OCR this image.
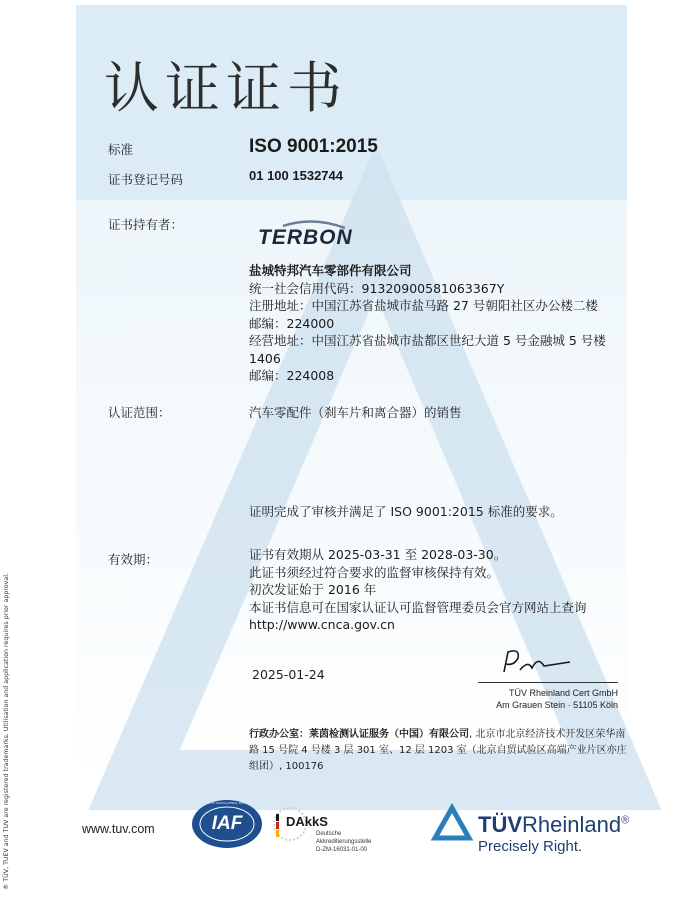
® TÜV, TUEV and TUV are registered trademarks. Utilisation and application requires prior approval.
认证证书
标准	ISO 9001:2015
证书登记号码	01 100 1532744
证书持有者：
TERBON
盐城特邦汽车零部件有限公司
统一社会信用代码：91320900581063367Y
注册地址：中国江苏省盐城市盐马路 27 号朝阳社区办公楼二楼
邮编：224000
经营地址：中国江苏省盐城市盐都区世纪大道 5 号金融城 5 号楼
1406
邮编：224008
认证范围：	汽车零配件（刹车片和离合器）的销售
证明完成了审核并满足了 ISO 9001:2015 标准的要求。
有效期：	证书有效期从 2025-03-31 至 2028-03-30。
此证书须经过符合要求的监督审核保持有效。
初次发证始于 2016 年
本证书信息可在国家认证认可监督管理委员会官方网站上查询
http://www.cnca.gov.cn
2025-01-24
TÜV Rheinland Cert GmbH
Am Grauen Stein · 51105 Köln
行政办公室：莱茵检测认证服务（中国）有限公司, 北京市北京经济技术开发区荣华南路 15 号院 4 号楼 3 层 301 室、12 层 1203 室（北京自贸试验区高端产业片区亦庄组团）, 100176
www.tuv.com	IAF
MEMBER OF MULTILATERAL RECOGNITION ARRANGEMENT
DAkkS
Deutsche
Akkreditierungsstelle
D-ZM-16031-01-00
TÜVRheinland®
Precisely Right.
